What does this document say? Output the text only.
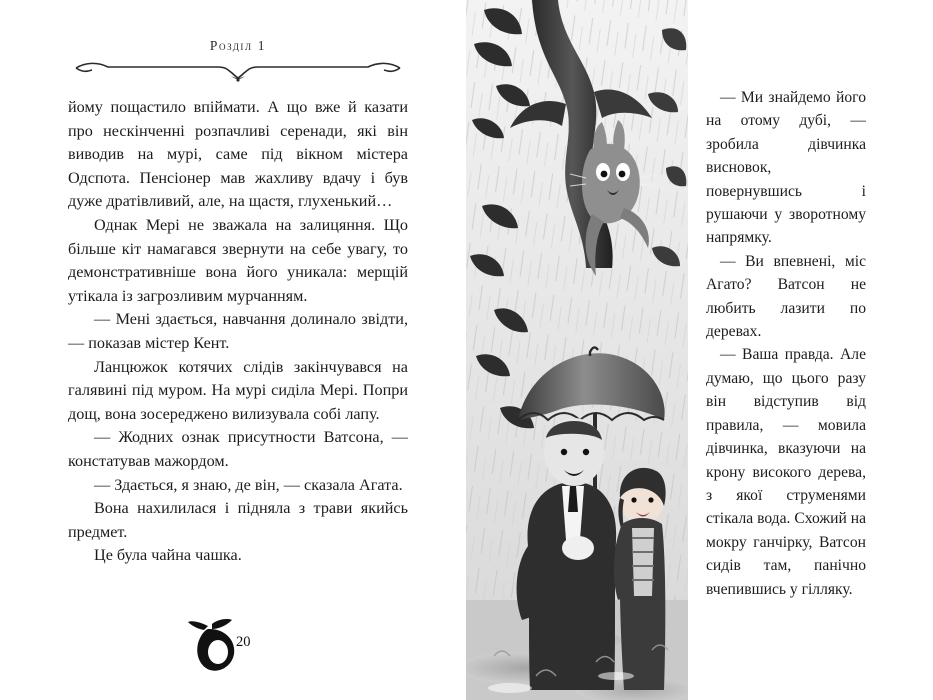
Розділ 1

йому пощастило впіймати. А що вже й казати про нескінченні розпачливі серенади, які він виводив на мурі, саме під вікном містера Одспота. Пенсіонер мав жахливу вдачу і був дуже дратівливий, але, на щастя, глухенький…

Однак Мері не зважала на залицяння. Що більше кіт намагався звернути на себе увагу, то демонстративніше вона його уникала: мерщій утікала із загрозливим мурчанням.

— Мені здається, навчання долинало звідти, — показав містер Кент.

Ланцюжок котячих слідів закінчувався на галявині під муром. На мурі сиділа Мері. Попри дощ, вона зосереджено вилизувала собі лапу.

— Жодних ознак присутности Ватсона, — констатував мажордом.

— Здається, я знаю, де він, — сказала Агата.

Вона нахилилася і підняла з трави якийсь предмет.

Це була чайна чашка.

20

— Ми знайдемо його на отому дубі, — зробила дівчинка висновок, повернувшись і рушаючи у зворотному напрямку.

— Ви впевнені, міс Агато? Ватсон не любить лазити по деревах.

— Ваша правда. Але думаю, що цього разу він відступив від правила, — мовила дівчинка, вказуючи на крону високого дерева, з якої струменями стікала вода. Схожий на мокру ганчірку, Ватсон сидів там, панічно вчепившись у гілляку.
